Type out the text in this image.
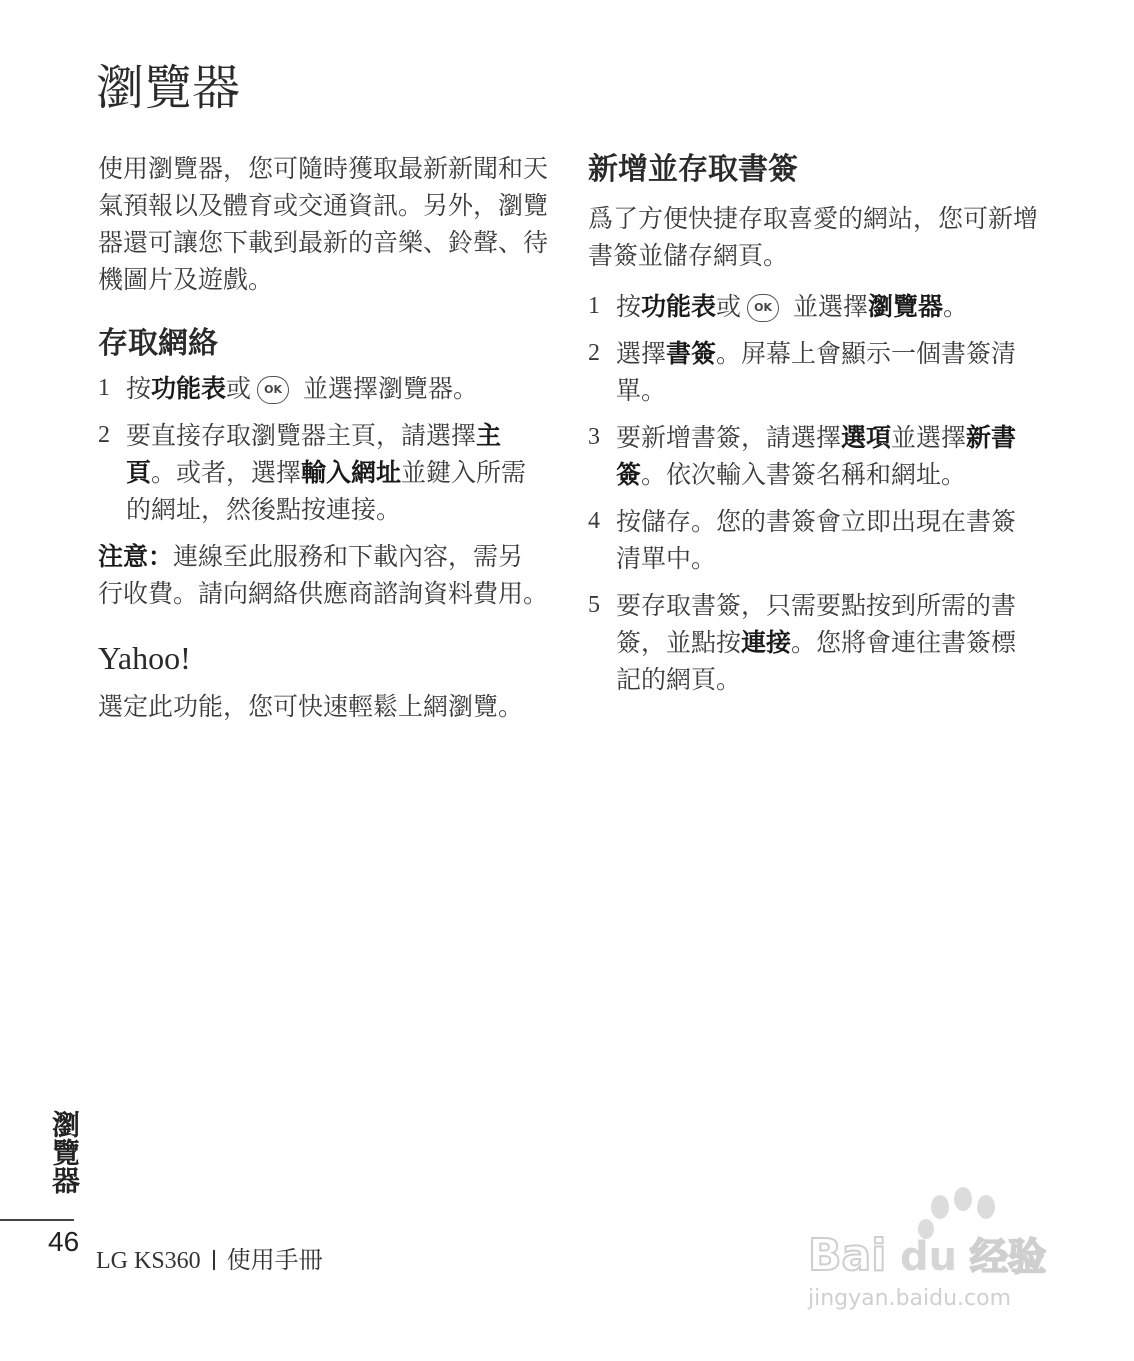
瀏覽器

使用瀏覽器，您可隨時獲取最新新聞和天氣預報以及體育或交通資訊。另外，瀏覽器還可讓您下載到最新的音樂、鈴聲、待機圖片及遊戲。

存取網絡

1 按功能表或 OK 並選擇瀏覽器。

2 要直接存取瀏覽器主頁，請選擇主頁。或者，選擇輸入網址並鍵入所需的網址，然後點按連接。

注意：連線至此服務和下載內容，需另行收費。請向網絡供應商諮詢資料費用。

Yahoo!

選定此功能，您可快速輕鬆上網瀏覽。

新增並存取書簽

爲了方便快捷存取喜愛的網站，您可新增書簽並儲存網頁。

1 按功能表或 OK 並選擇瀏覽器。

2 選擇書簽。屏幕上會顯示一個書簽清單。

3 要新增書簽，請選擇選項並選擇新書簽。依次輸入書簽名稱和網址。

4 按儲存。您的書簽會立即出現在書簽清單中。

5 要存取書簽，只需要點按到所需的書簽，並點按連接。您將會連往書簽標記的網頁。

瀏覽器
46
LG KS360 使用手冊	Bai du 经验
jingyan.baidu.com
